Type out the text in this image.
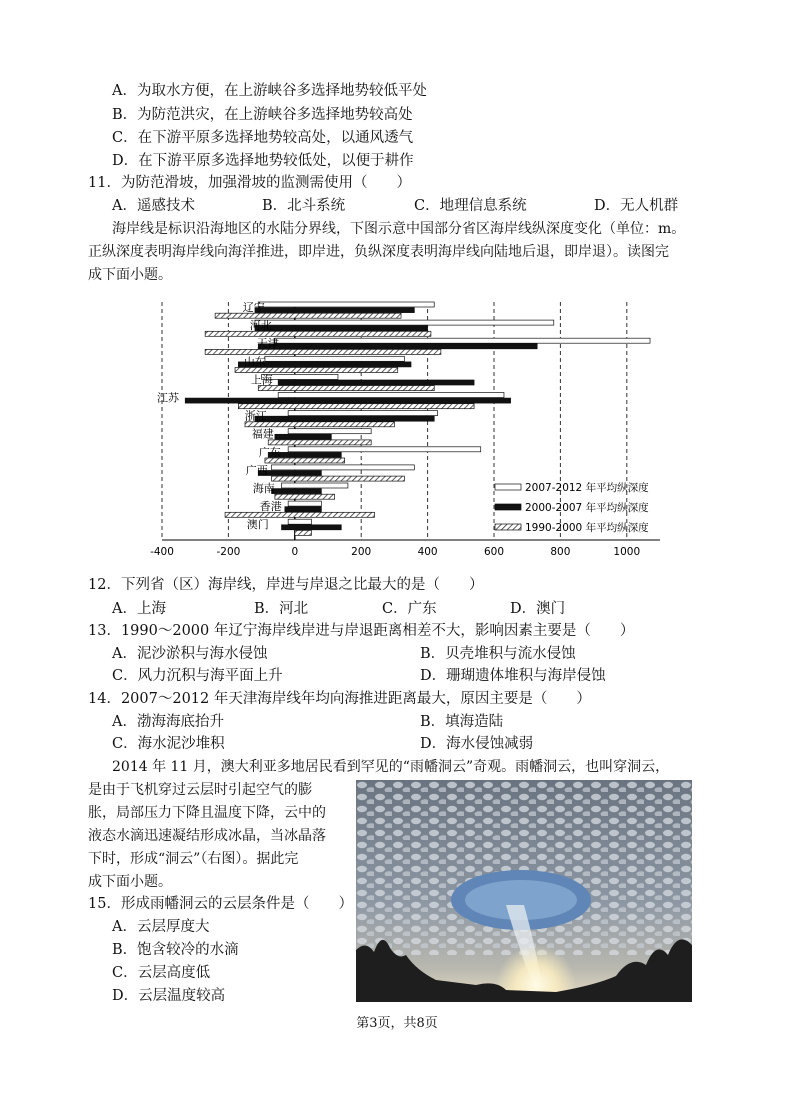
A．为取水方便，在上游峡谷多选择地势较低平处
B．为防范洪灾，在上游峡谷多选择地势较高处
C．在下游平原多选择地势较高处，以通风透气
D．在下游平原多选择地势较低处，以便于耕作
11．为防范滑坡，加强滑坡的监测需使用（　　）
A．遥感技术	B．北斗系统	C．地理信息系统	D．无人机群
海岸线是标识沿海地区的水陆分界线，下图示意中国部分省区海岸线纵深度变化（单位：m。
正纵深度表明海岸线向海洋推进，即岸进，负纵深度表明海岸线向陆地后退，即岸退）。读图完
成下面小题。
辽宁
河北
天津
山东
上海
江苏
浙江
福建
广东
广西
海南
香港
澳门
2007-2012 年平均纵深度
2000-2007 年平均纵深度
1990-2000 年平均纵深度
-400	-200	0	200	400	600	800	1000
12．下列省（区）海岸线，岸进与岸退之比最大的是（　　）
A．上海	B．河北	C．广东	D．澳门
13．1990～2000 年辽宁海岸线岸进与岸退距离相差不大，影响因素主要是（　　）
A．泥沙淤积与海水侵蚀	B．贝壳堆积与流水侵蚀
C．风力沉积与海平面上升	D．珊瑚遗体堆积与海岸侵蚀
14．2007～2012 年天津海岸线年均向海推进距离最大，原因主要是（　　）
A．渤海海底抬升	B．填海造陆
C．海水泥沙堆积	D．海水侵蚀减弱
2014 年 11 月，澳大利亚多地居民看到罕见的“雨幡洞云”奇观。雨幡洞云，也叫穿洞云，
是由于飞机穿过云层时引起空气的膨
胀，局部压力下降且温度下降，云中的
液态水滴迅速凝结形成冰晶，当冰晶落
下时，形成“洞云”（右图）。据此完
成下面小题。
15．形成雨幡洞云的云层条件是（　　）
A．云层厚度大
B．饱含较冷的水滴
C．云层高度低
D．云层温度较高
第3页，共8页
